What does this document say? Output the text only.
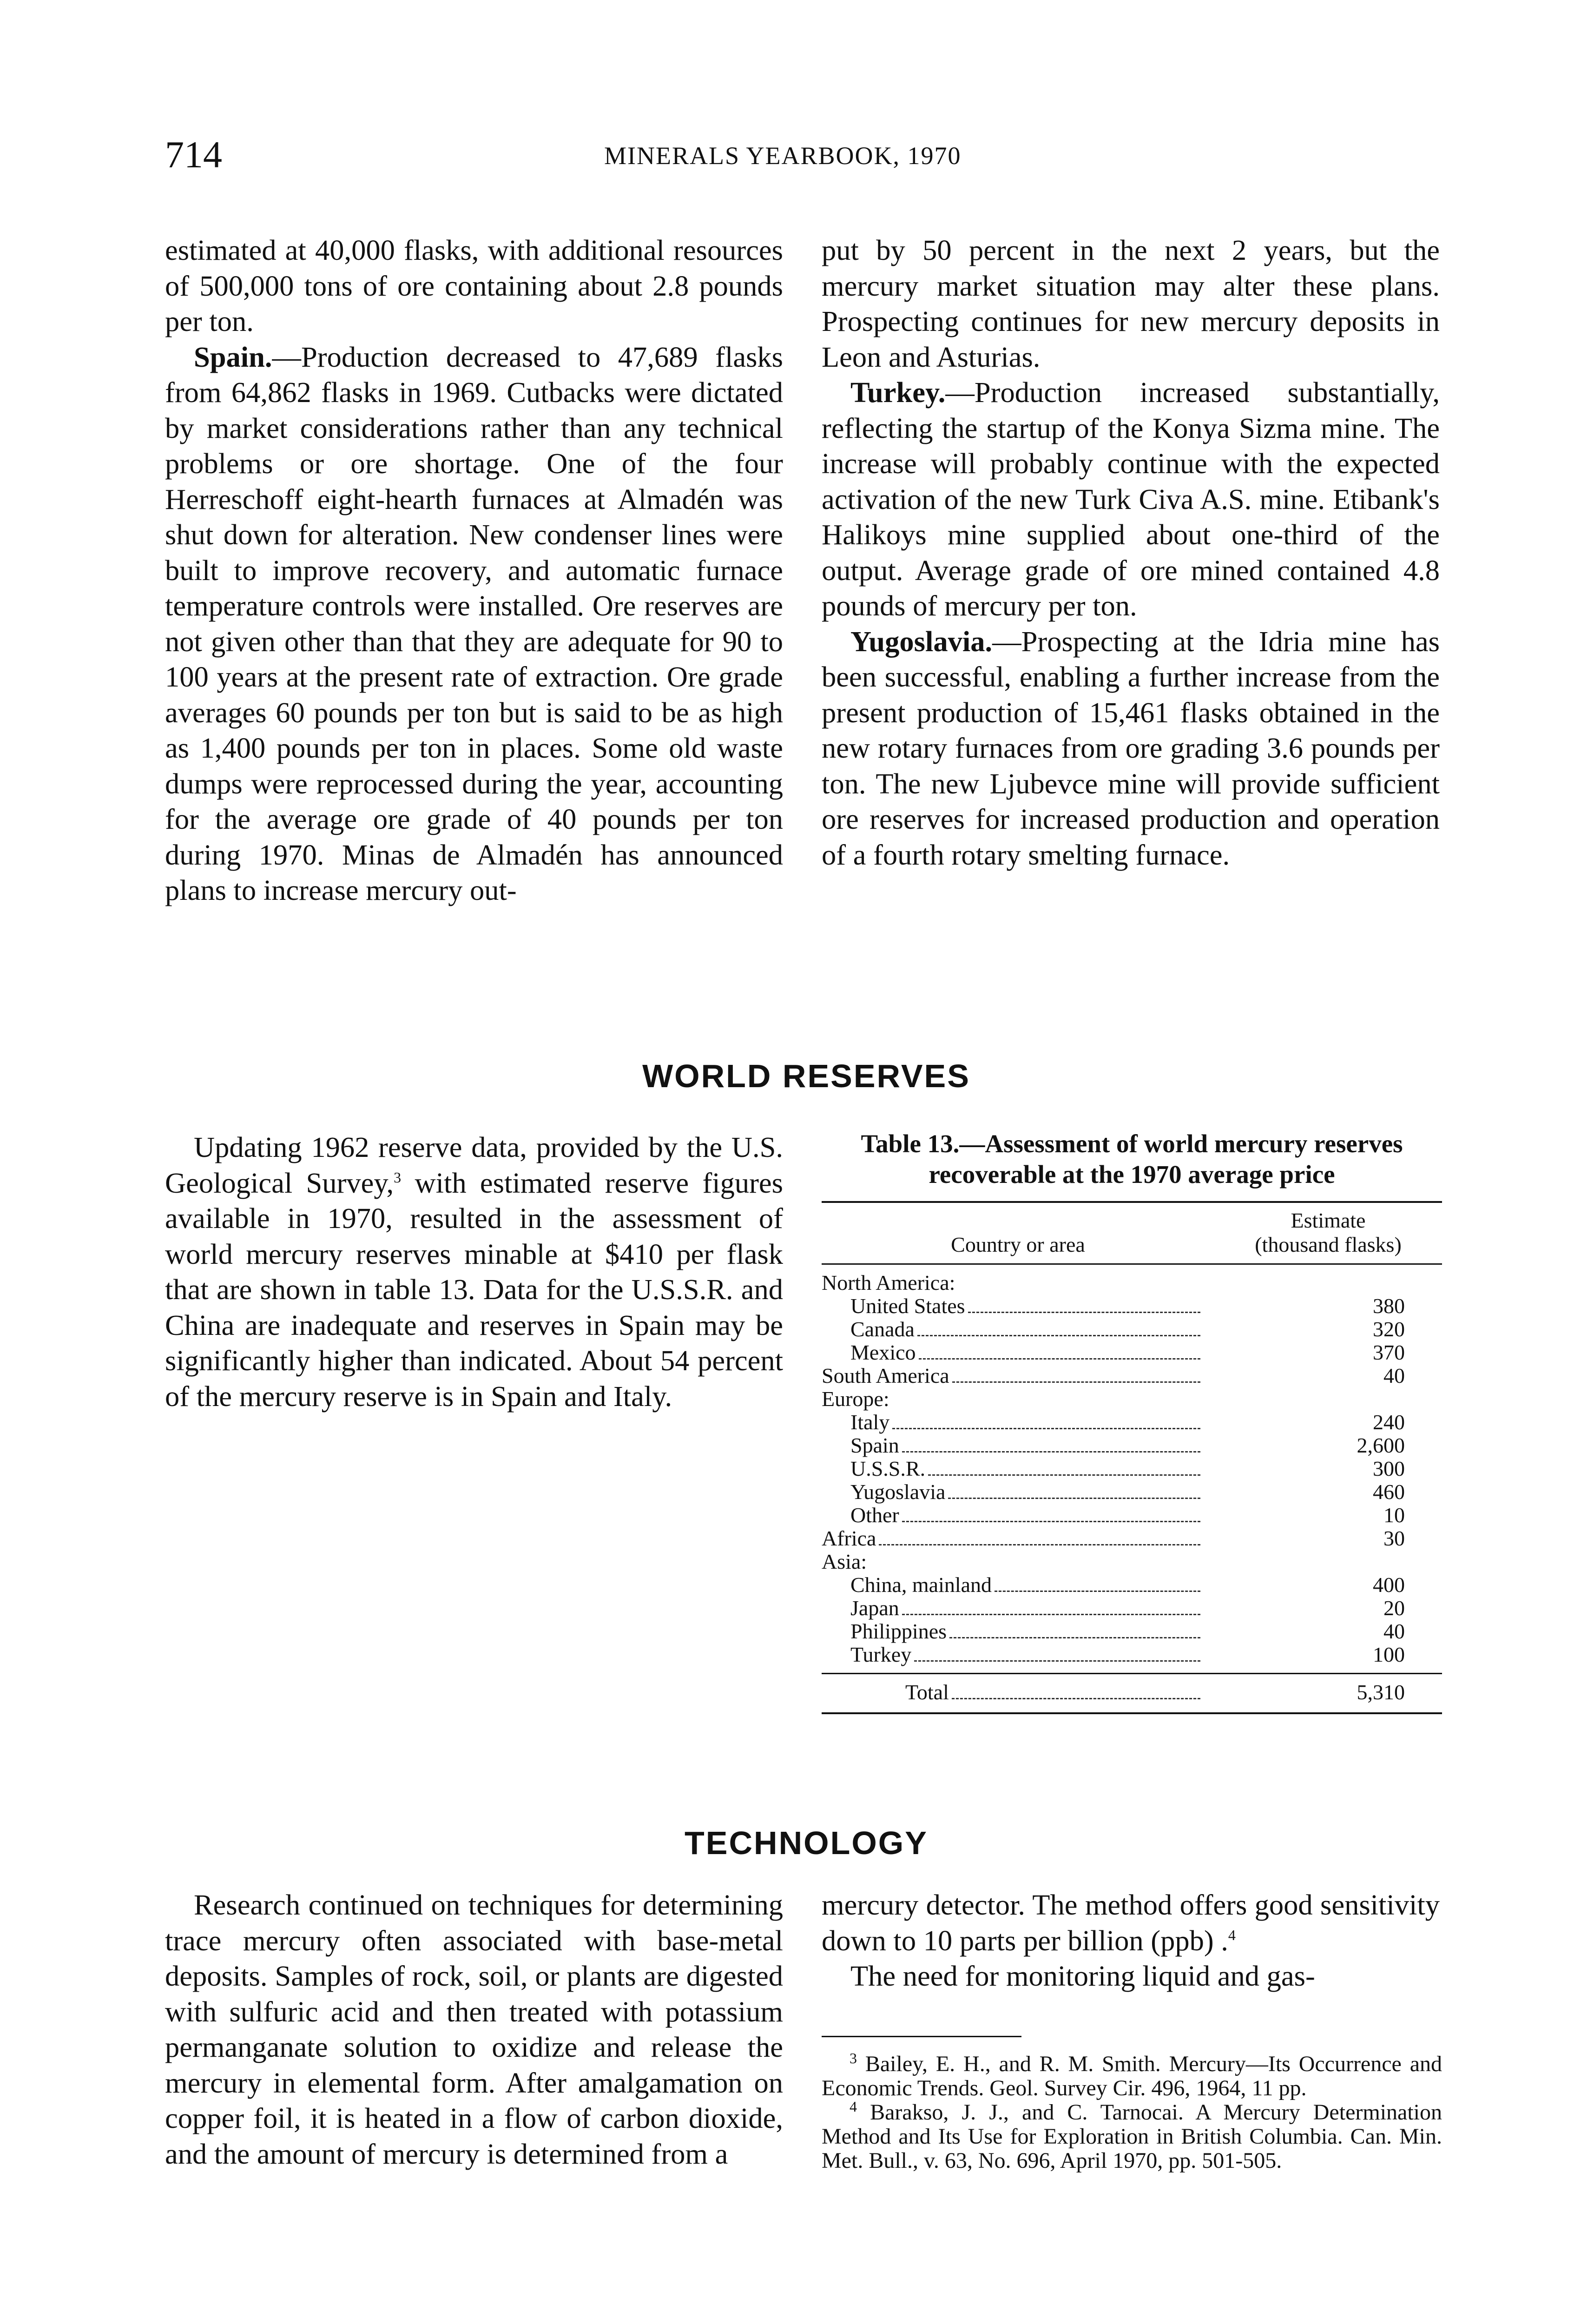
714	MINERALS YEARBOOK, 1970

estimated at 40,000 flasks, with additional resources of 500,000 tons of ore containing about 2.8 pounds per ton.

Spain.—Production decreased to 47,689 flasks from 64,862 flasks in 1969. Cutbacks were dictated by market considerations rather than any technical problems or ore shortage. One of the four Herreschoff eight-hearth furnaces at Almadén was shut down for alteration. New condenser lines were built to improve recovery, and automatic furnace temperature controls were installed. Ore reserves are not given other than that they are adequate for 90 to 100 years at the present rate of extraction. Ore grade averages 60 pounds per ton but is said to be as high as 1,400 pounds per ton in places. Some old waste dumps were reprocessed during the year, accounting for the average ore grade of 40 pounds per ton during 1970. Minas de Almadén has announced plans to increase mercury out-

put by 50 percent in the next 2 years, but the mercury market situation may alter these plans. Prospecting continues for new mercury deposits in Leon and Asturias.

Turkey.—Production increased substantially, reflecting the startup of the Konya Sizma mine. The increase will probably continue with the expected activation of the new Turk Civa A.S. mine. Etibank's Halikoys mine supplied about one-third of the output. Average grade of ore mined contained 4.8 pounds of mercury per ton.

Yugoslavia.—Prospecting at the Idria mine has been successful, enabling a further increase from the present production of 15,461 flasks obtained in the new rotary furnaces from ore grading 3.6 pounds per ton. The new Ljubevce mine will provide sufficient ore reserves for increased production and operation of a fourth rotary smelting furnace.

WORLD RESERVES

Updating 1962 reserve data, provided by the U.S. Geological Survey,$^3$ with estimated reserve figures available in 1970, resulted in the assessment of world mercury reserves minable at $410 per flask that are shown in table 13. Data for the U.S.S.R. and China are inadequate and reserves in Spain may be significantly higher than indicated. About 54 percent of the mercury reserve is in Spain and Italy.

Table 13.—Assessment of world mercury reserves recoverable at the 1970 average price
Country or area
Estimate
(thousand flasks)
North America:
United States	380
Canada	320
Mexico	370
South America	40
Europe:
Italy	240
Spain	2,600
U.S.S.R.	300
Yugoslavia	460
Other	10
Africa	30
Asia:
China, mainland	400
Japan	20
Philippines	40
Turkey	100
Total	5,310
TECHNOLOGY

Research continued on techniques for determining trace mercury often associated with base-metal deposits. Samples of rock, soil, or plants are digested with sulfuric acid and then treated with potassium permanganate solution to oxidize and release the mercury in elemental form. After amalgamation on copper foil, it is heated in a flow of carbon dioxide, and the amount of mercury is determined from a

mercury detector. The method offers good sensitivity down to 10 parts per billion (ppb) .$^4$

The need for monitoring liquid and gas-

$^3$ Bailey, E. H., and R. M. Smith. Mercury—Its Occurrence and Economic Trends. Geol. Survey Cir. 496, 1964, 11 pp.

$^4$ Barakso, J. J., and C. Tarnocai. A Mercury Determination Method and Its Use for Exploration in British Columbia. Can. Min. Met. Bull., v. 63, No. 696, April 1970, pp. 501-505.
